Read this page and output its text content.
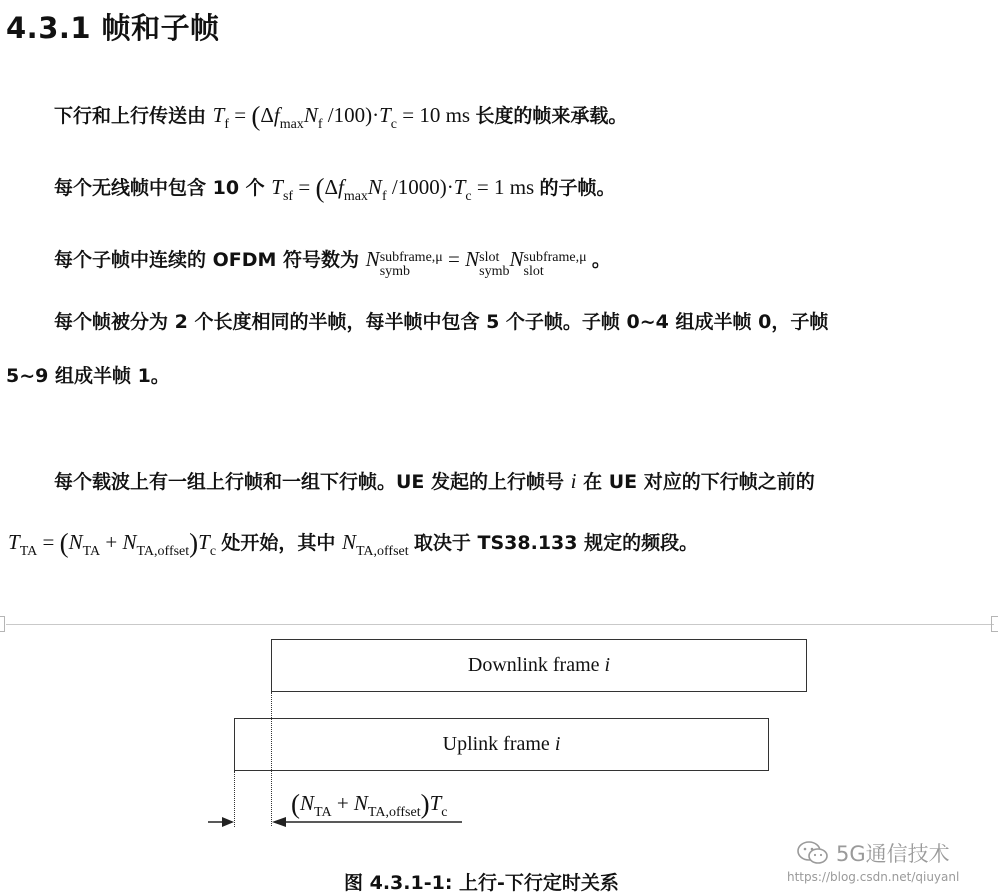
4.3.1 帧和子帧
下行和上行传送由 $T_f = (\Delta f_{max}N_f$ $/100)\cdot T_c = 10$ ms 长度的帧来承载。
每个无线帧中包含 10 个 $T_{sf} = (\Delta f_{max}N_f$ $/1000)\cdot T_c = 1$ ms 的子帧。
每个子帧中连续的 OFDM 符号数为 N subframe,μ
symb
= N slot
symb
N subframe,μ
slot
。
每个帧被分为 2 个长度相同的半帧，每半帧中包含 5 个子帧。子帧 0~4 组成半帧 0，子帧
5~9 组成半帧 1。
每个载波上有一组上行帧和一组下行帧。UE 发起的上行帧号 i 在 UE 对应的下行帧之前的
$T_{TA} = (N_{TA} + N_{TA,offset})T_c$ 处开始，其中 $N_{TA,offset}$ 取决于 TS38.133 规定的频段。
Downlink frame i
Uplink frame i
$(N_{TA} + N_{TA,offset})T_c$
图 4.3.1-1: 上行-下行定时关系
5G通信技术
https://blog.csdn.net/qiuyanl
